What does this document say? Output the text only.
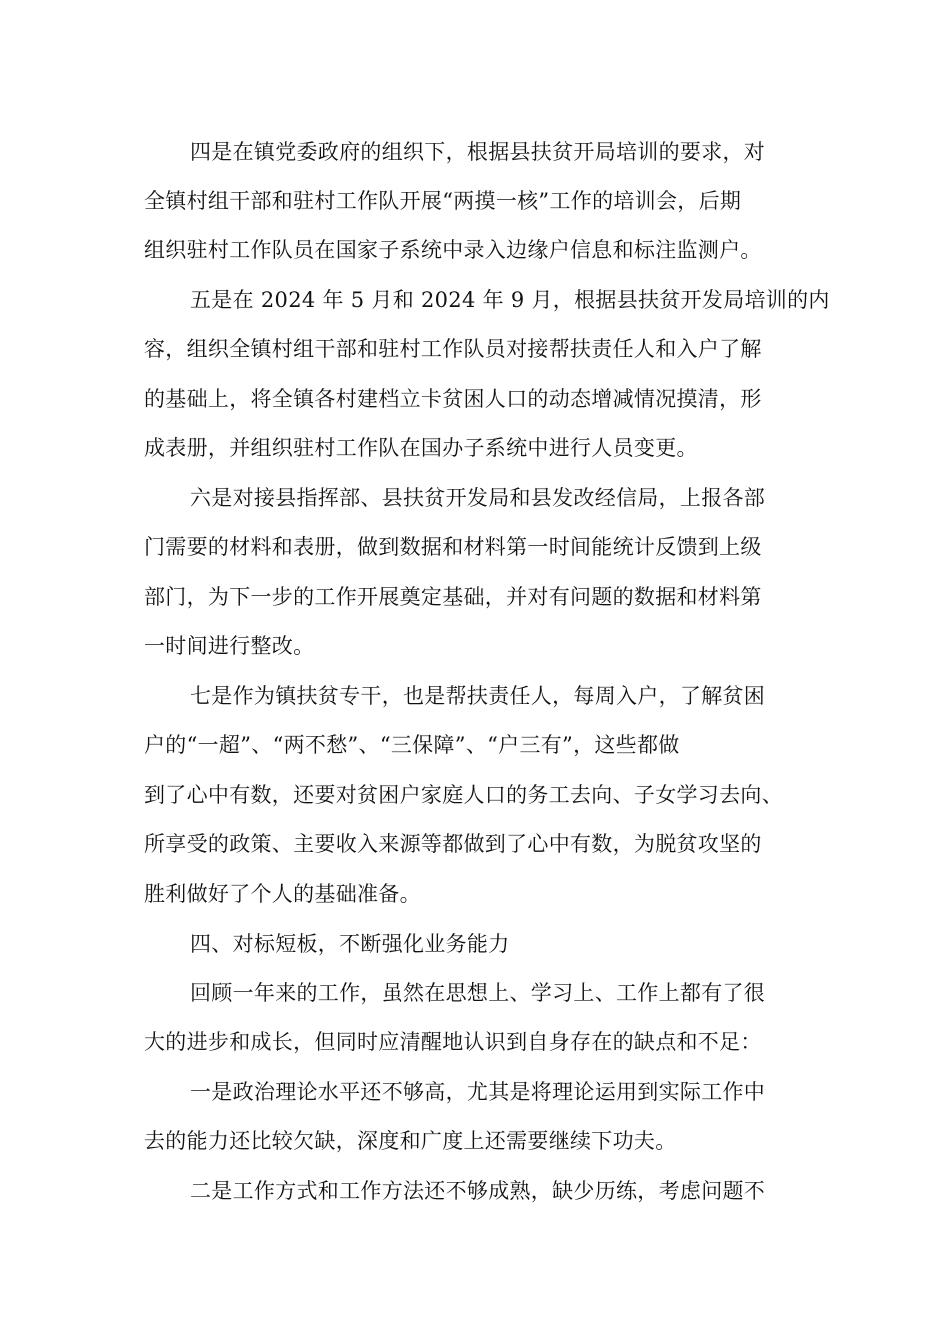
四是在镇党委政府的组织下，根据县扶贫开局培训的要求，对
全镇村组干部和驻村工作队开展“两摸一核”工作的培训会，后期
组织驻村工作队员在国家子系统中录入边缘户信息和标注监测户。
五是在 2024 年 5 月和 2024 年 9 月，根据县扶贫开发局培训的内
容，组织全镇村组干部和驻村工作队员对接帮扶责任人和入户了解
的基础上，将全镇各村建档立卡贫困人口的动态增减情况摸清，形
成表册，并组织驻村工作队在国办子系统中进行人员变更。
六是对接县指挥部、县扶贫开发局和县发改经信局，上报各部
门需要的材料和表册，做到数据和材料第一时间能统计反馈到上级
部门，为下一步的工作开展奠定基础，并对有问题的数据和材料第
一时间进行整改。
七是作为镇扶贫专干，也是帮扶责任人，每周入户，了解贫困
户的“一超”、“两不愁”、“三保障”、“户三有”，这些都做
到了心中有数，还要对贫困户家庭人口的务工去向、子女学习去向、
所享受的政策、主要收入来源等都做到了心中有数，为脱贫攻坚的
胜利做好了个人的基础准备。
四、对标短板，不断强化业务能力
回顾一年来的工作，虽然在思想上、学习上、工作上都有了很
大的进步和成长，但同时应清醒地认识到自身存在的缺点和不足：
一是政治理论水平还不够高，尤其是将理论运用到实际工作中
去的能力还比较欠缺，深度和广度上还需要继续下功夫。
二是工作方式和工作方法还不够成熟，缺少历练，考虑问题不
